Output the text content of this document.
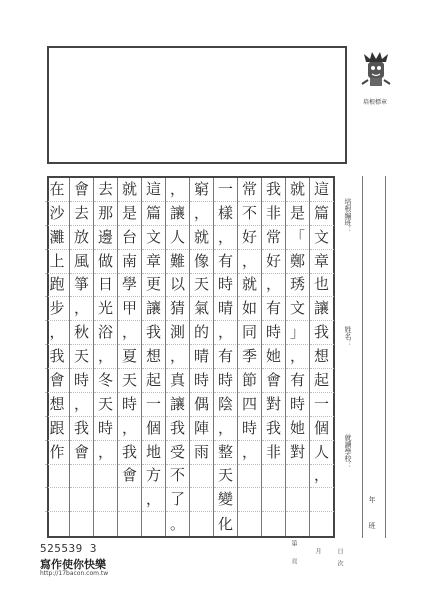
培根標章
這
篇
文
章
也
讓
我
想
起
一
個
人
，
就
是
「
鄭
琇
文
」
，
有
時
她
對
我
非
常
好
，
有
時
她
會
對
我
非
常
不
好
，
就
如
同
季
節
四
時
，
一
樣
，
有
時
晴
，
有
時
陰
，
整
天
變
化
窮
，
就
像
天
氣
的
晴
時
偶
陣
雨
，
讓
人
難
以
猜
測
，
真
讓
我
受
不
了
。
這
篇
文
章
更
讓
我
想
起
一
個
地
方
，
就
是
台
南
學
甲
，
夏
天
時
，
我
會
去
那
邊
做
日
光
浴
，
冬
天
時
，
會
去
放
風
箏
，
秋
天
時
，
我
會
在
沙
灘
上
跑
步
，
我
會
想
跟
作
培根編班：
姓名：
就讀學校：
年
班
525539 3
寫作使你快樂
http://17bacon.com.tw
第
頁
月	日
次
